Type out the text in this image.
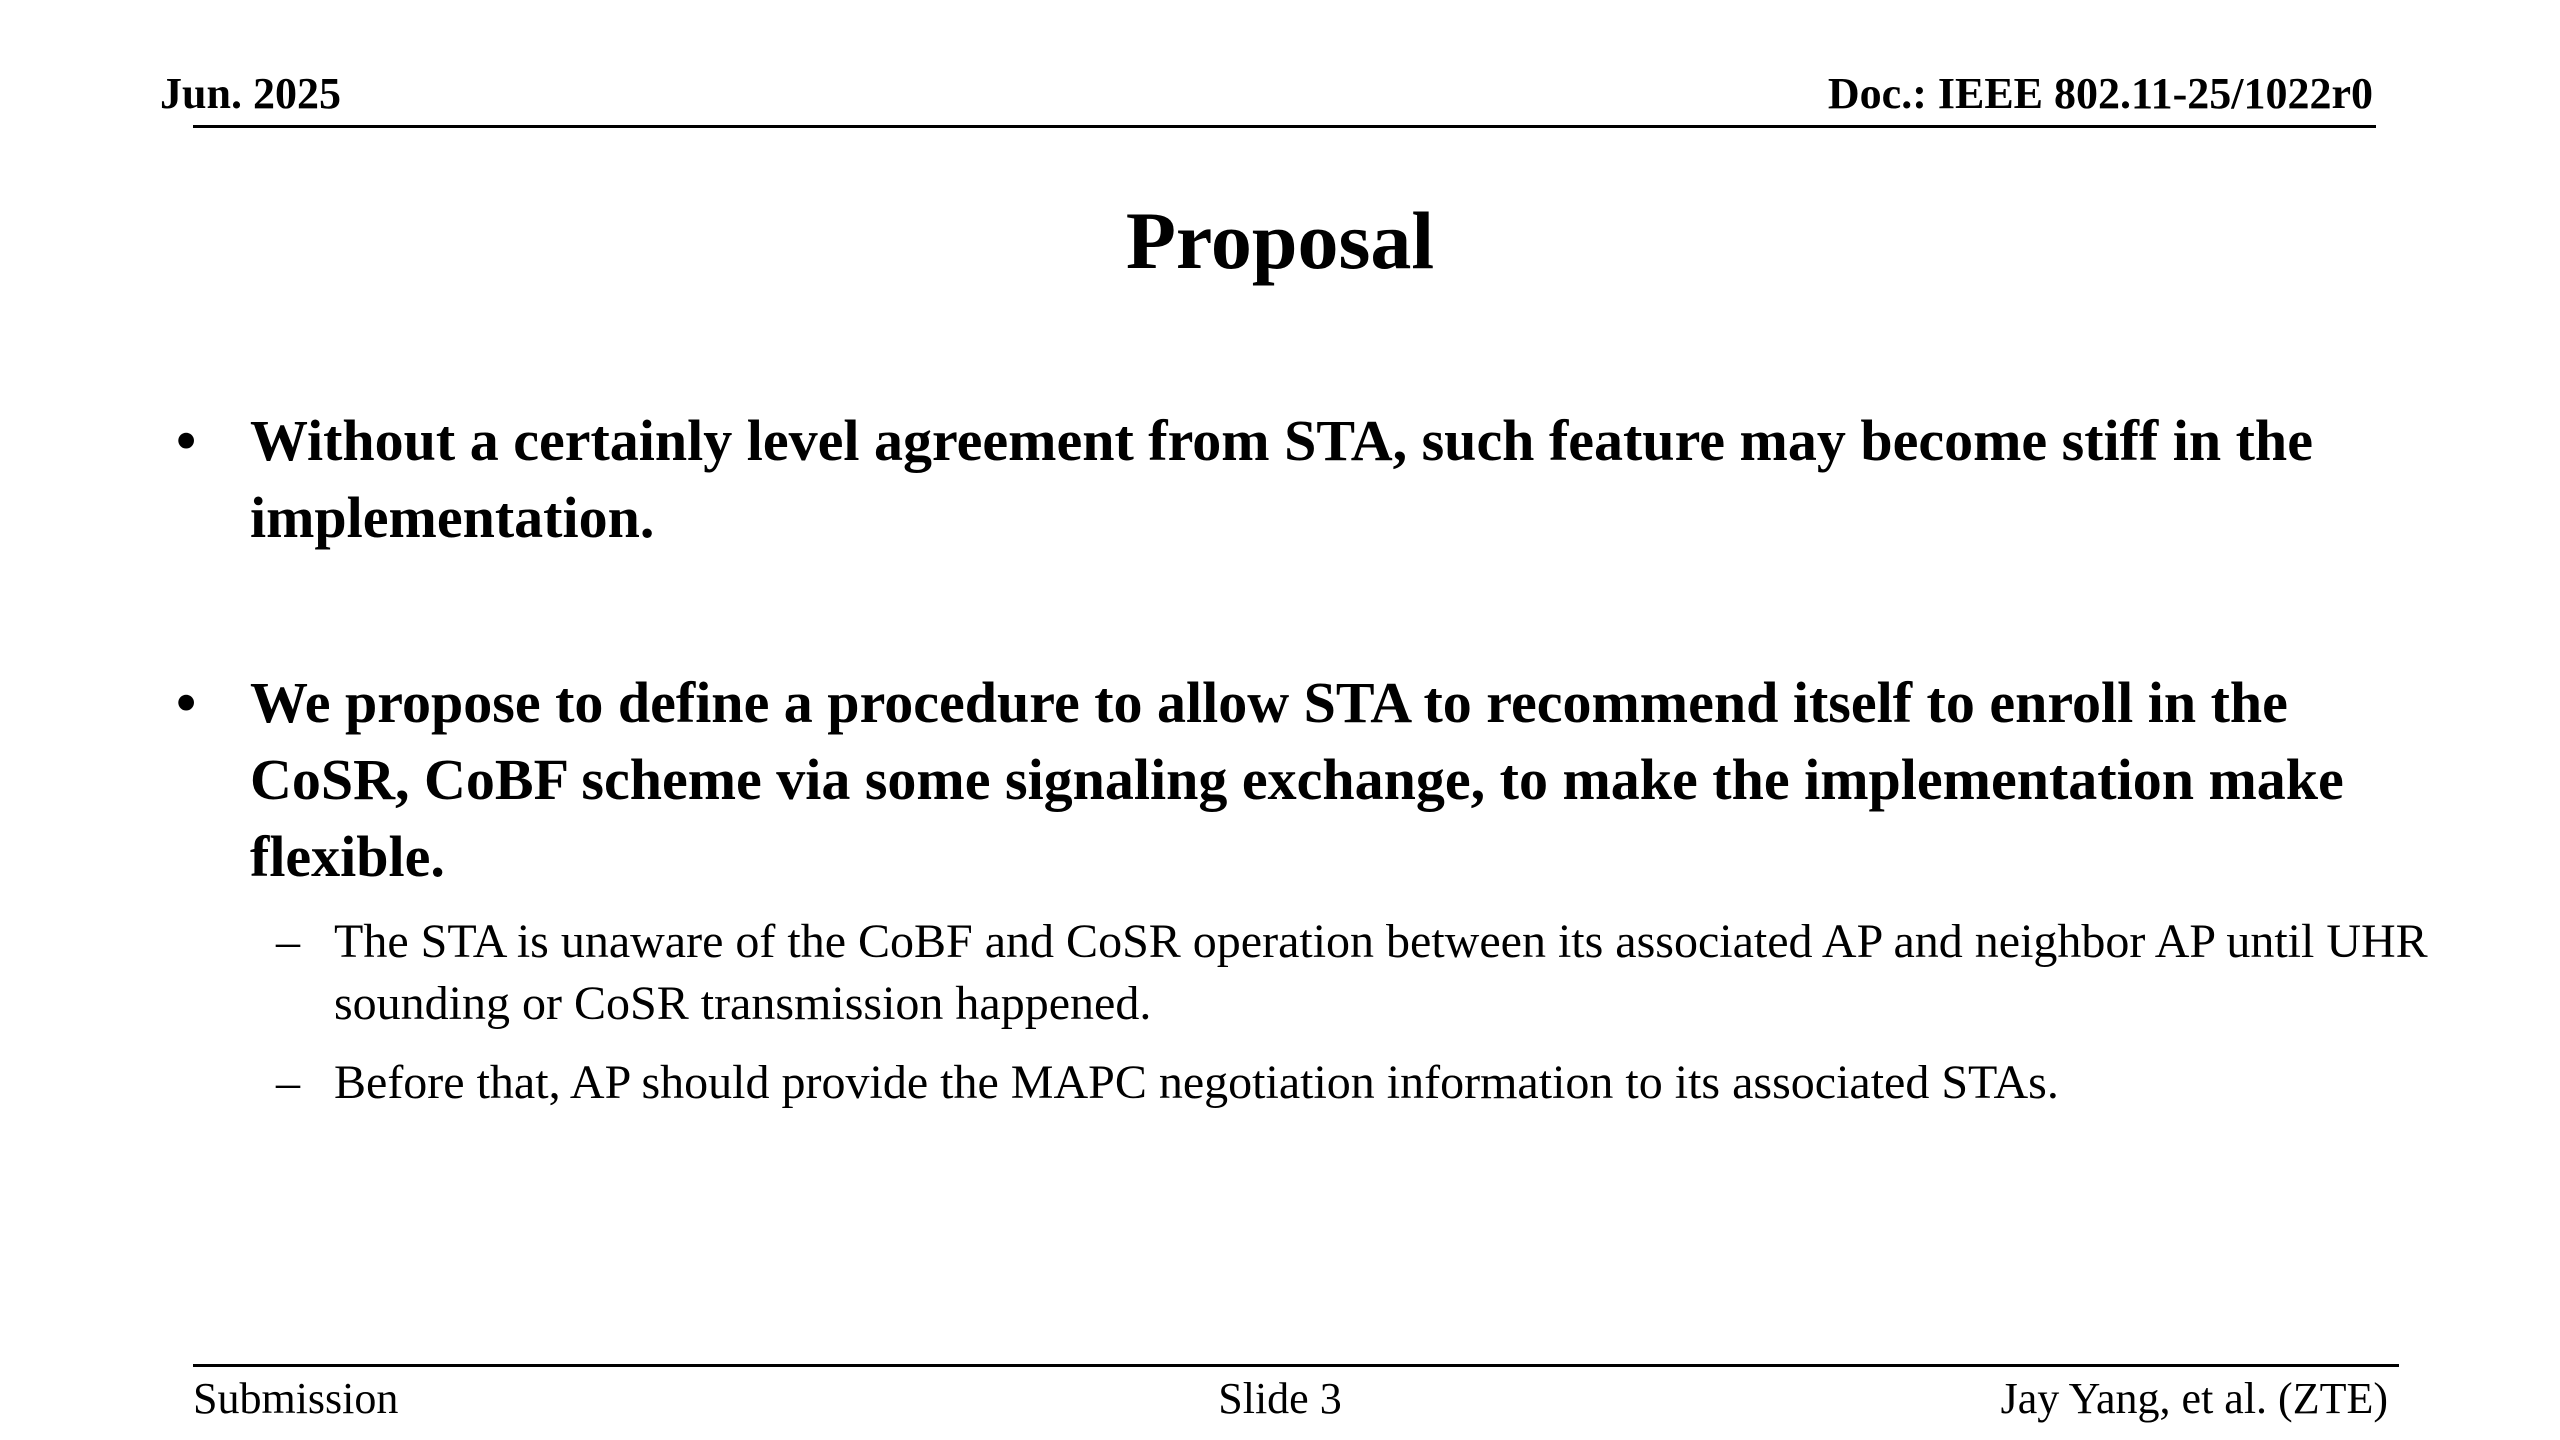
Jun. 2025	Doc.: IEEE 802.11-25/1022r0
Proposal
• Without a certainly level agreement from STA, such feature may become stiff in the implementation.
• We propose to define a procedure to allow STA to recommend itself to enroll in the CoSR, CoBF scheme via some signaling exchange, to make the implementation make flexible.
– The STA is unaware of the CoBF and CoSR operation between its associated AP and neighbor AP until UHR sounding or CoSR transmission happened.
– Before that, AP should provide the MAPC negotiation information to its associated STAs.
Submission	Slide 3	Jay Yang, et al. (ZTE)
